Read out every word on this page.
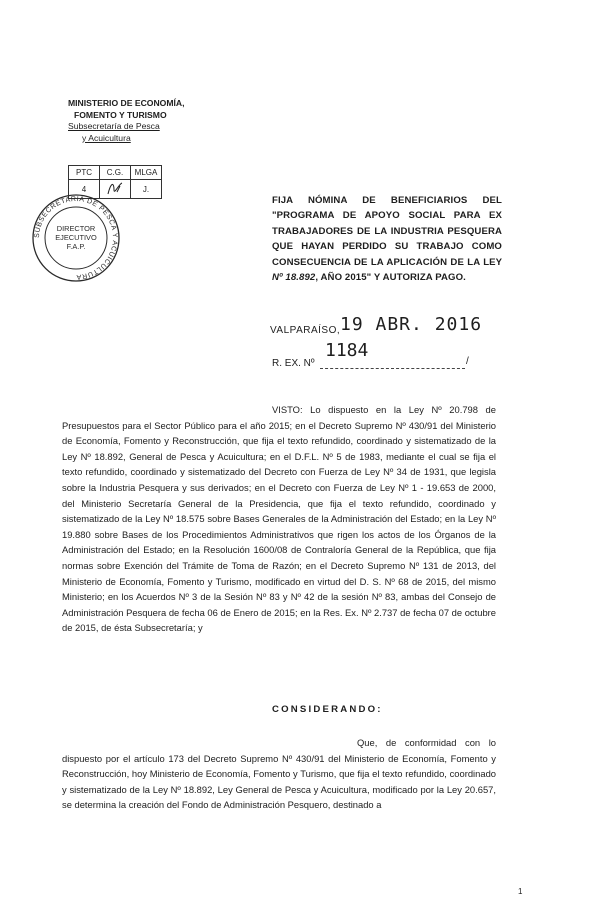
MINISTERIO DE ECONOMÍA,
FOMENTO Y TURISMO
Subsecretaría de Pesca
y Acuicultura
PTC	C.G.	MLGA
4		J.
SUBSECRETARIA DE PESCA Y ACUICULTURA
DIRECTOR
EJECUTIVO
F.A.P.
FIJA NÓMINA DE BENEFICIARIOS DEL "PROGRAMA DE APOYO SOCIAL PARA EX TRABAJADORES DE LA INDUSTRIA PESQUERA QUE HAYAN PERDIDO SU TRABAJO COMO CONSECUENCIA DE LA APLICACIÓN DE LA LEY Nº 18.892, AÑO 2015" Y AUTORIZA PAGO.
VALPARAÍSO, 19 ABR. 2016
R. EX. Nº
1184
/

VISTO: Lo dispuesto en la Ley Nº 20.798 de Presupuestos para el Sector Público para el año 2015; en el Decreto Supremo Nº 430/91 del Ministerio de Economía, Fomento y Reconstrucción, que fija el texto refundido, coordinado y sistematizado de la Ley Nº 18.892, General de Pesca y Acuicultura; en el D.F.L. Nº 5 de 1983, mediante el cual se fija el texto refundido, coordinado y sistematizado del Decreto con Fuerza de Ley Nº 34 de 1931, que legisla sobre la Industria Pesquera y sus derivados; en el Decreto con Fuerza de Ley Nº 1 - 19.653 de 2000, del Ministerio Secretaría General de la Presidencia, que fija el texto refundido, coordinado y sistematizado de la Ley Nº 18.575 sobre Bases Generales de la Administración del Estado; en la Ley Nº 19.880 sobre Bases de los Procedimientos Administrativos que rigen los actos de los Órganos de la Administración del Estado; en la Resolución 1600/08 de Contraloría General de la República, que fija normas sobre Exención del Trámite de Toma de Razón; en el Decreto Supremo Nº 131 de 2013, del Ministerio de Economía, Fomento y Turismo, modificado en virtud del D. S. Nº 68 de 2015, del mismo Ministerio; en los Acuerdos Nº 3 de la Sesión Nº 83 y Nº 42 de la sesión Nº 83, ambas del Consejo de Administración Pesquera de fecha 06 de Enero de 2015; en la Res. Ex. Nº 2.737 de fecha 07 de octubre de 2015, de ésta Subsecretaría; y

CONSIDERANDO:

Que, de conformidad con lo dispuesto por el artículo 173 del Decreto Supremo Nº 430/91 del Ministerio de Economía, Fomento y Reconstrucción, hoy Ministerio de Economía, Fomento y Turismo, que fija el texto refundido, coordinado y sistematizado de la Ley Nº 18.892, Ley General de Pesca y Acuicultura, modificado por la Ley 20.657, se determina la creación del Fondo de Administración Pesquero, destinado a

1
